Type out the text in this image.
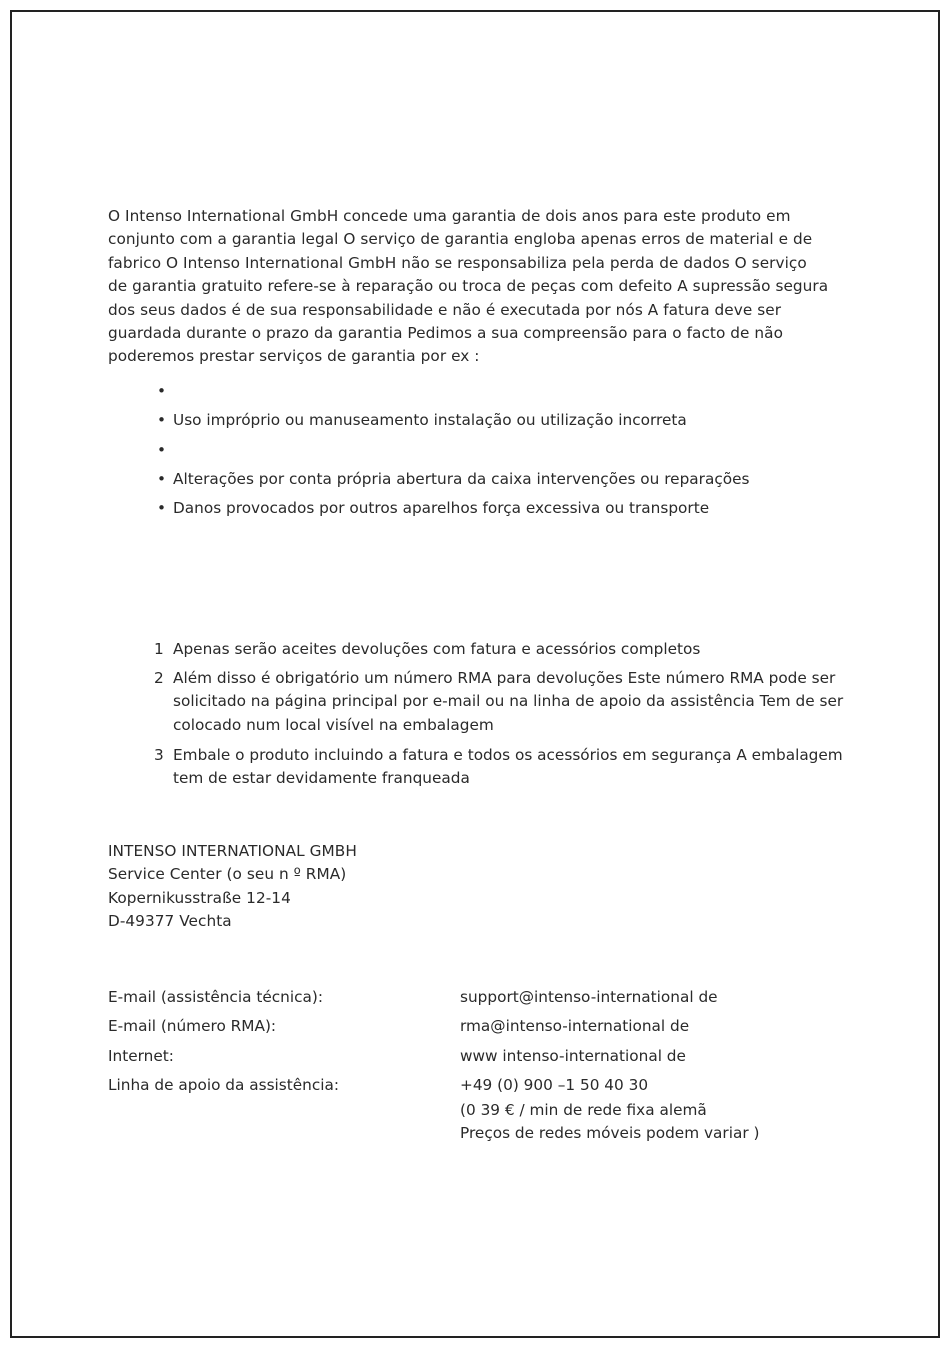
O Intenso International GmbH concede uma garantia de dois anos para este produto em
conjunto com a garantia legal O serviço de garantia engloba apenas erros de material e de
fabrico O Intenso International GmbH não se responsabiliza pela perda de dados O serviço
de garantia gratuito refere-se à reparação ou troca de peças com defeito A supressão segura
dos seus dados é de sua responsabilidade e não é executada por nós A fatura deve ser
guardada durante o prazo da garantia Pedimos a sua compreensão para o facto de não
poderemos prestar serviços de garantia por ex :
•
• Uso impróprio ou manuseamento instalação ou utilização incorreta
•
• Alterações por conta própria abertura da caixa intervenções ou reparações
• Danos provocados por outros aparelhos força excessiva ou transporte
1 Apenas serão aceites devoluções com fatura e acessórios completos
2 Além disso é obrigatório um número RMA para devoluções Este número RMA pode ser
solicitado na página principal por e-mail ou na linha de apoio da assistência Tem de ser
colocado num local visível na embalagem
3 Embale o produto incluindo a fatura e todos os acessórios em segurança A embalagem
tem de estar devidamente franqueada
INTENSO INTERNATIONAL GMBH
Service Center (o seu n º RMA)
Kopernikusstraße 12-14
D-49377 Vechta
E-mail (assistência técnica):	support@intenso-international de
E-mail (número RMA):	rma@intenso-international de
Internet:	www intenso-international de
Linha de apoio da assistência:	+49 (0) 900 –1 50 40 30
(0 39 € / min de rede fixa alemã
Preços de redes móveis podem variar )
